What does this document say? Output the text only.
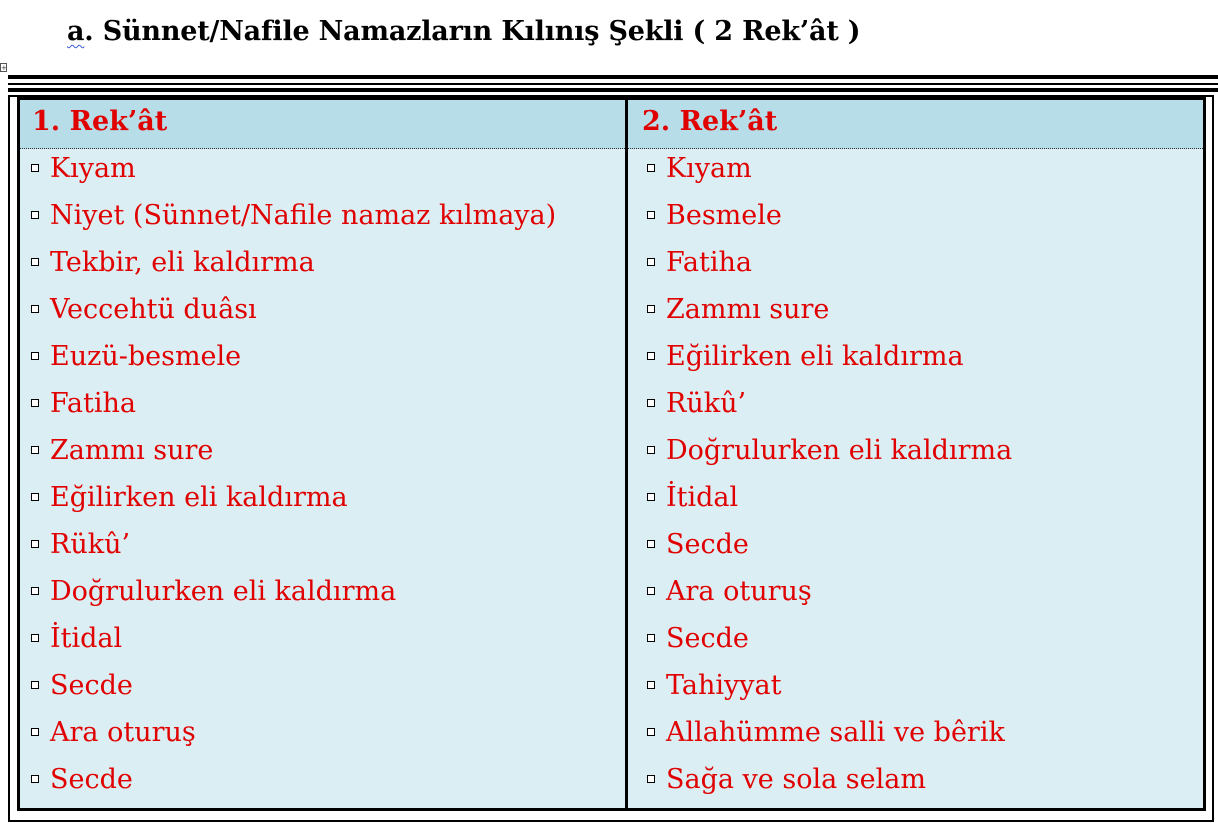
a. Sünnet/Nafile Namazların Kılınış Şekli ( 2 Rek’ât )
+
1. Rek’ât
Kıyam
Niyet (Sünnet/Nafile namaz kılmaya)
Tekbir, eli kaldırma
Veccehtü duâsı
Euzü-besmele
Fatiha
Zammı sure
Eğilirken eli kaldırma
Rükû’
Doğrulurken eli kaldırma
İtidal
Secde
Ara oturuş
Secde
2. Rek’ât
Kıyam
Besmele
Fatiha
Zammı sure
Eğilirken eli kaldırma
Rükû’
Doğrulurken eli kaldırma
İtidal
Secde
Ara oturuş
Secde
Tahiyyat
Allahümme salli ve bêrik
Sağa ve sola selam
